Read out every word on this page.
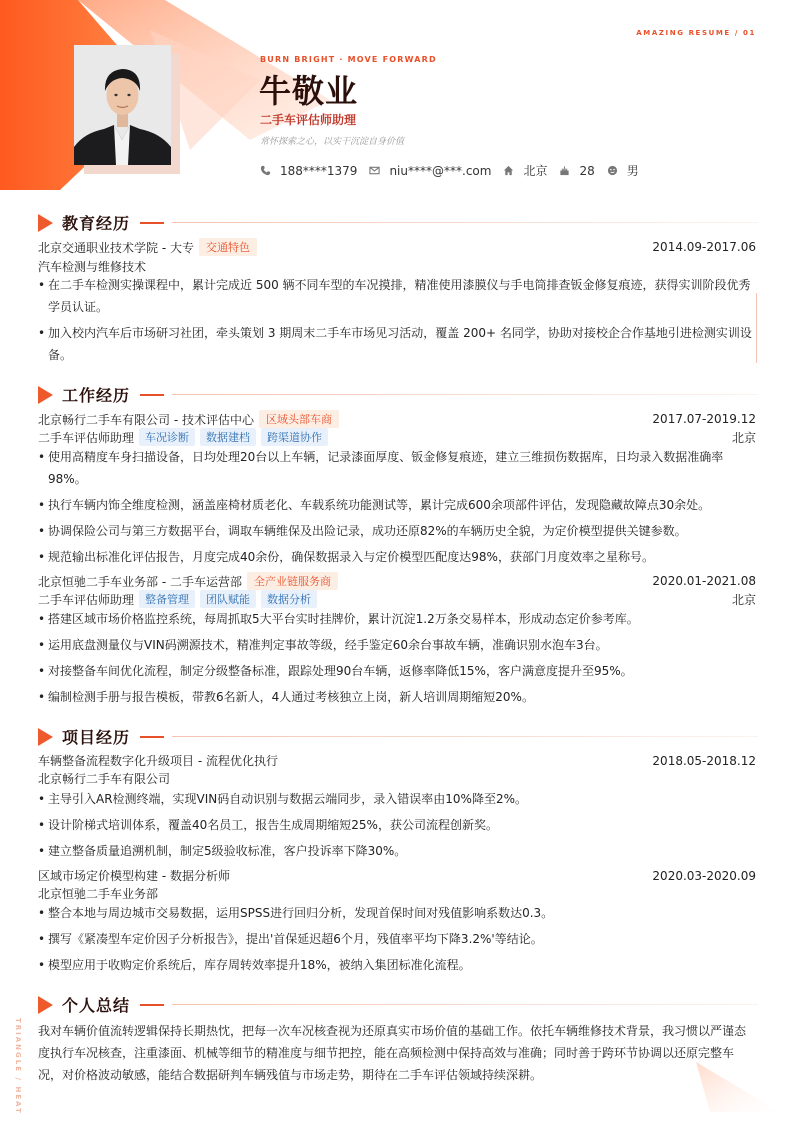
AMAZING RESUME / 01
BURN BRIGHT · MOVE FORWARD
牛敬业
二手车评估师助理
常怀探索之心，以实干沉淀自身价值
188****1379	niu****@***.com	北京	28	男
教育经历
北京交通职业技术学院 - 大专	交通特色	2014.09-2017.06
汽车检测与维修技术
• 在二手车检测实操课程中，累计完成近 500 辆不同车型的车况摸排，精准使用漆膜仪与手电筒排查钣金修复痕迹，获得实训阶段优秀学员认证。
• 加入校内汽车后市场研习社团，牵头策划 3 期周末二手车市场见习活动，覆盖 200+ 名同学，协助对接校企合作基地引进检测实训设备。
工作经历
北京畅行二手车有限公司 - 技术评估中心	区域头部车商	2017.07-2019.12
二手车评估师助理	车况诊断	数据建档	跨渠道协作	北京
• 使用高精度车身扫描设备，日均处理20台以上车辆，记录漆面厚度、钣金修复痕迹，建立三维损伤数据库，日均录入数据准确率98%。
• 执行车辆内饰全维度检测，涵盖座椅材质老化、车载系统功能测试等，累计完成600余项部件评估，发现隐藏故障点30余处。
• 协调保险公司与第三方数据平台，调取车辆维保及出险记录，成功还原82%的车辆历史全貌，为定价模型提供关键参数。
• 规范输出标准化评估报告，月度完成40余份，确保数据录入与定价模型匹配度达98%，获部门月度效率之星称号。
北京恒驰二手车业务部 - 二手车运营部	全产业链服务商	2020.01-2021.08
二手车评估师助理	整备管理	团队赋能	数据分析	北京
• 搭建区域市场价格监控系统，每周抓取5大平台实时挂牌价，累计沉淀1.2万条交易样本，形成动态定价参考库。
• 运用底盘测量仪与VIN码溯源技术，精准判定事故等级，经手鉴定60余台事故车辆，准确识别水泡车3台。
• 对接整备车间优化流程，制定分级整备标准，跟踪处理90台车辆，返修率降低15%，客户满意度提升至95%。
• 编制检测手册与报告模板，带教6名新人，4人通过考核独立上岗，新人培训周期缩短20%。
项目经历
车辆整备流程数字化升级项目 - 流程优化执行	2018.05-2018.12
北京畅行二手车有限公司
• 主导引入AR检测终端，实现VIN码自动识别与数据云端同步，录入错误率由10%降至2%。
• 设计阶梯式培训体系，覆盖40名员工，报告生成周期缩短25%，获公司流程创新奖。
• 建立整备质量追溯机制，制定5级验收标准，客户投诉率下降30%。
区域市场定价模型构建 - 数据分析师	2020.03-2020.09
北京恒驰二手车业务部
• 整合本地与周边城市交易数据，运用SPSS进行回归分析，发现首保时间对残值影响系数达0.3。
• 撰写《紧凑型车定价因子分析报告》，提出'首保延迟超6个月，残值率平均下降3.2%'等结论。
• 模型应用于收购定价系统后，库存周转效率提升18%，被纳入集团标准化流程。
个人总结
我对车辆价值流转逻辑保持长期热忱，把每一次车况核查视为还原真实市场价值的基础工作。依托车辆维修技术背景，我习惯以严谨态度执行车况核查，注重漆面、机械等细节的精准度与细节把控，能在高频检测中保持高效与准确；同时善于跨环节协调以还原完整车况，对价格波动敏感，能结合数据研判车辆残值与市场走势，期待在二手车评估领域持续深耕。
TRIANGLE / HEAT
